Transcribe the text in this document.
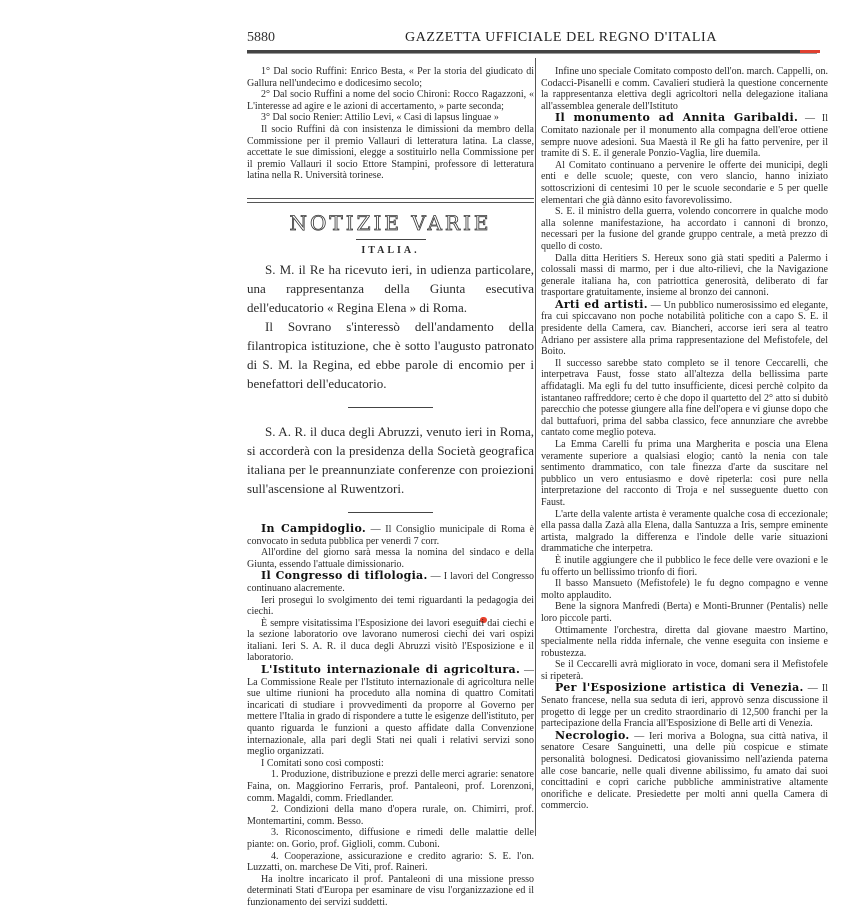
5880	GAZZETTA UFFICIALE DEL REGNO D'ITALIA

1° Dal socio Ruffini: Enrico Besta, « Per la storia del giudicato di Gallura nell'undecimo e dodicesimo secolo;

2° Dal socio Ruffini a nome del socio Chironi: Rocco Ragazzoni, « L'interesse ad agire e le azioni di accertamento, » parte seconda;

3° Dal socio Renier: Attilio Levi, « Casi di lapsus linguae »

Il socio Ruffini dà con insistenza le dimissioni da membro della Commissione per il premio Vallauri di letteratura latina. La classe, accettate le sue dimissioni, elegge a sostituirlo nella Commissione per il premio Vallauri il socio Ettore Stampini, professore di letteratura latina nella R. Università torinese.

NOTIZIE VARIE
ITALIA.

S. M. il Re ha ricevuto ieri, in udienza particolare, una rappresentanza della Giunta esecutiva dell'educatorio « Regina Elena » di Roma.

Il Sovrano s'interessò dell'andamento della filantropica istituzione, che è sotto l'augusto patronato di S. M. la Regina, ed ebbe parole di encomio per i benefattori dell'educatorio.

S. A. R. il duca degli Abruzzi, venuto ieri in Roma, si accorderà con la presidenza della Società geografica italiana per le preannunziate conferenze con proiezioni sull'ascensione al Ruwentzori.

In Campidoglio. — Il Consiglio municipale di Roma è convocato in seduta pubblica per venerdì 7 corr.

All'ordine del giorno sarà messa la nomina del sindaco e della Giunta, essendo l'attuale dimissionario.

Il Congresso di tiflologia. — I lavori del Congresso continuano alacremente.

Ieri proseguì lo svolgimento dei temi riguardanti la pedagogia dei ciechi.

È sempre visitatissima l'Esposizione dei lavori eseguiti dai ciechi e la sezione laboratorio ove lavorano numerosi ciechi dei vari ospizi italiani. Ieri S. A. R. il duca degli Abruzzi visitò l'Esposizione e il laboratorio.

L'Istituto internazionale di agricoltura. — La Commissione Reale per l'Istituto internazionale di agricoltura nelle sue ultime riunioni ha proceduto alla nomina di quattro Comitati incaricati di studiare i provvedimenti da proporre al Governo per mettere l'Italia in grado di rispondere a tutte le esigenze dell'istituto, per quanto riguarda le funzioni a questo affidate dalla Convenzione internazionale, alla pari degli Stati nei quali i relativi servizi sono meglio organizzati.

I Comitati sono così composti:

1. Produzione, distribuzione e prezzi delle merci agrarie: senatore Faina, on. Maggiorino Ferraris, prof. Pantaleoni, prof. Lorenzoni, comm. Magaldi, comm. Friedlander.

2. Condizioni della mano d'opera rurale, on. Chimirri, prof. Montemartini, comm. Besso.

3. Riconoscimento, diffusione e rimedi delle malattie delle piante: on. Gorio, prof. Giglioli, comm. Cuboni.

4. Cooperazione, assicurazione e credito agrario: S. E. l'on. Luzzatti, on. marchese De Viti, prof. Raineri.

Ha inoltre incaricato il prof. Pantaleoni di una missione presso determinati Stati d'Europa per esaminare de visu l'organizzazione ed il funzionamento dei servizi suddetti.

Infine uno speciale Comitato composto dell'on. march. Cappelli, on. Codacci-Pisanelli e comm. Cavalieri studierà la questione concernente la rappresentanza elettiva degli agricoltori nella delegazione italiana all'assemblea generale dell'Istituto

Il monumento ad Annita Garibaldi. — Il Comitato nazionale per il monumento alla compagna dell'eroe ottiene sempre nuove adesioni. Sua Maestà il Re gli ha fatto pervenire, per il tramite di S. E. il generale Ponzio-Vaglia, lire duemila.

Al Comitato continuano a pervenire le offerte dei municipi, degli enti e delle scuole; queste, con vero slancio, hanno iniziato sottoscrizioni di centesimi 10 per le scuole secondarie e 5 per quelle elementari che già dànno esito favorevolissimo.

S. E. il ministro della guerra, volendo concorrere in qualche modo alla solenne manifestazione, ha accordato i cannoni di bronzo, necessari per la fusione del grande gruppo centrale, a metà prezzo di quello di costo.

Dalla ditta Heritiers S. Hereux sono già stati spediti a Palermo i colossali massi di marmo, per i due alto-rilievi, che la Navigazione generale italiana ha, con patriottica generosità, deliberato di far trasportare gratuitamente, insieme al bronzo dei cannoni.

Arti ed artisti. — Un pubblico numerosissimo ed elegante, fra cui spiccavano non poche notabilità politiche con a capo S. E. il presidente della Camera, cav. Biancheri, accorse ieri sera al teatro Adriano per assistere alla prima rappresentazione del Mefistofele, del Boito.

Il successo sarebbe stato completo se il tenore Ceccarelli, che interpetrava Faust, fosse stato all'altezza della bellissima parte affidatagli. Ma egli fu del tutto insufficiente, dicesi perchè colpito da istantaneo raffreddore; certo è che dopo il quartetto del 2° atto si dubitò parecchio che potesse giungere alla fine dell'opera e vi giunse dopo che dal buttafuori, prima del sabba classico, fece annunziare che avrebbe cantato come meglio poteva.

La Emma Carelli fu prima una Margherita e poscia una Elena veramente superiore a qualsiasi elogio; cantò la nenia con tale sentimento drammatico, con tale finezza d'arte da suscitare nel pubblico un vero entusiasmo e dovè ripeterla: così pure nella interpretazione del racconto di Troja e nel susseguente duetto con Faust.

L'arte della valente artista è veramente qualche cosa di eccezionale; ella passa dalla Zazà alla Elena, dalla Santuzza a Iris, sempre eminente artista, malgrado la differenza e l'indole delle varie situazioni drammatiche che interpetra.

È inutile aggiungere che il pubblico le fece delle vere ovazioni e le fu offerto un bellissimo trionfo di fiori.

Il basso Mansueto (Mefistofele) le fu degno compagno e venne molto applaudito.

Bene la signora Manfredi (Berta) e Monti-Brunner (Pentalis) nelle loro piccole parti.

Ottimamente l'orchestra, diretta dal giovane maestro Martino, specialmente nella ridda infernale, che venne eseguita con insieme e robustezza.

Se il Ceccarelli avrà migliorato in voce, domani sera il Mefistofele si ripeterà.

Per l'Esposizione artistica di Venezia. — Il Senato francese, nella sua seduta di ieri, approvò senza discussione il progetto di legge per un credito straordinario di 12,500 franchi per la partecipazione della Francia all'Esposizione di Belle arti di Venezia.

Necrologio. — Ieri moriva a Bologna, sua città nativa, il senatore Cesare Sanguinetti, una delle più cospicue e stimate personalità bolognesi. Dedicatosi giovanissimo nell'azienda paterna alle cose bancarie, nelle quali divenne abilissimo, fu amato dai suoi concittadini e coprì cariche pubbliche amministrative altamente onorifiche e delicate. Presiedette per molti anni quella Camera di commercio.
